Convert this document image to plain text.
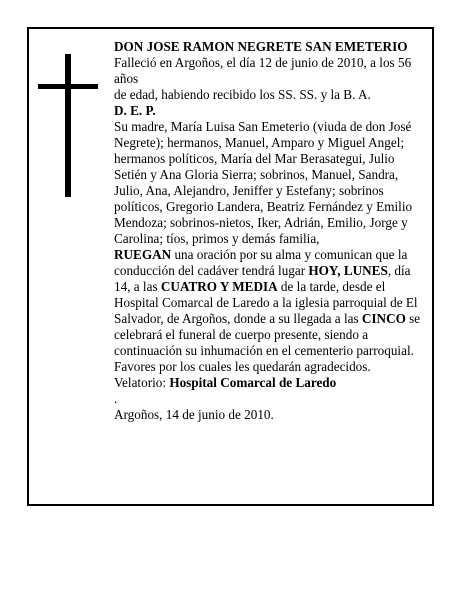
DON JOSE RAMON NEGRETE SAN EMETERIO

Falleció en Argoños, el día 12 de junio de 2010, a los 56 años

de edad, habiendo recibido los SS. SS. y la B. A.

D. E. P.

Su madre, María Luisa San Emeterio (viuda de don José Negrete); hermanos, Manuel, Amparo y Miguel Angel; hermanos políticos, María del Mar Berasategui, Julio Setién y Ana Gloria Sierra; sobrinos, Manuel, Sandra, Julio, Ana, Alejandro, Jeniffer y Estefany; sobrinos políticos, Gregorio Landera, Beatriz Fernández y Emilio Mendoza; sobrinos-nietos, Iker, Adrián, Emilio, Jorge y Carolina; tíos, primos y demás familia,

RUEGAN una oración por su alma y comunican que la conducción del cadáver tendrá lugar HOY, LUNES, día 14, a las CUATRO Y MEDIA de la tarde, desde el Hospital Comarcal de Laredo a la iglesia parroquial de El Salvador, de Argoños, donde a su llegada a las CINCO se celebrará el funeral de cuerpo presente, siendo a continuación su inhumación en el cementerio parroquial. Favores por los cuales les quedarán agradecidos. Velatorio: Hospital Comarcal de Laredo

.

Argoños, 14 de junio de 2010.
